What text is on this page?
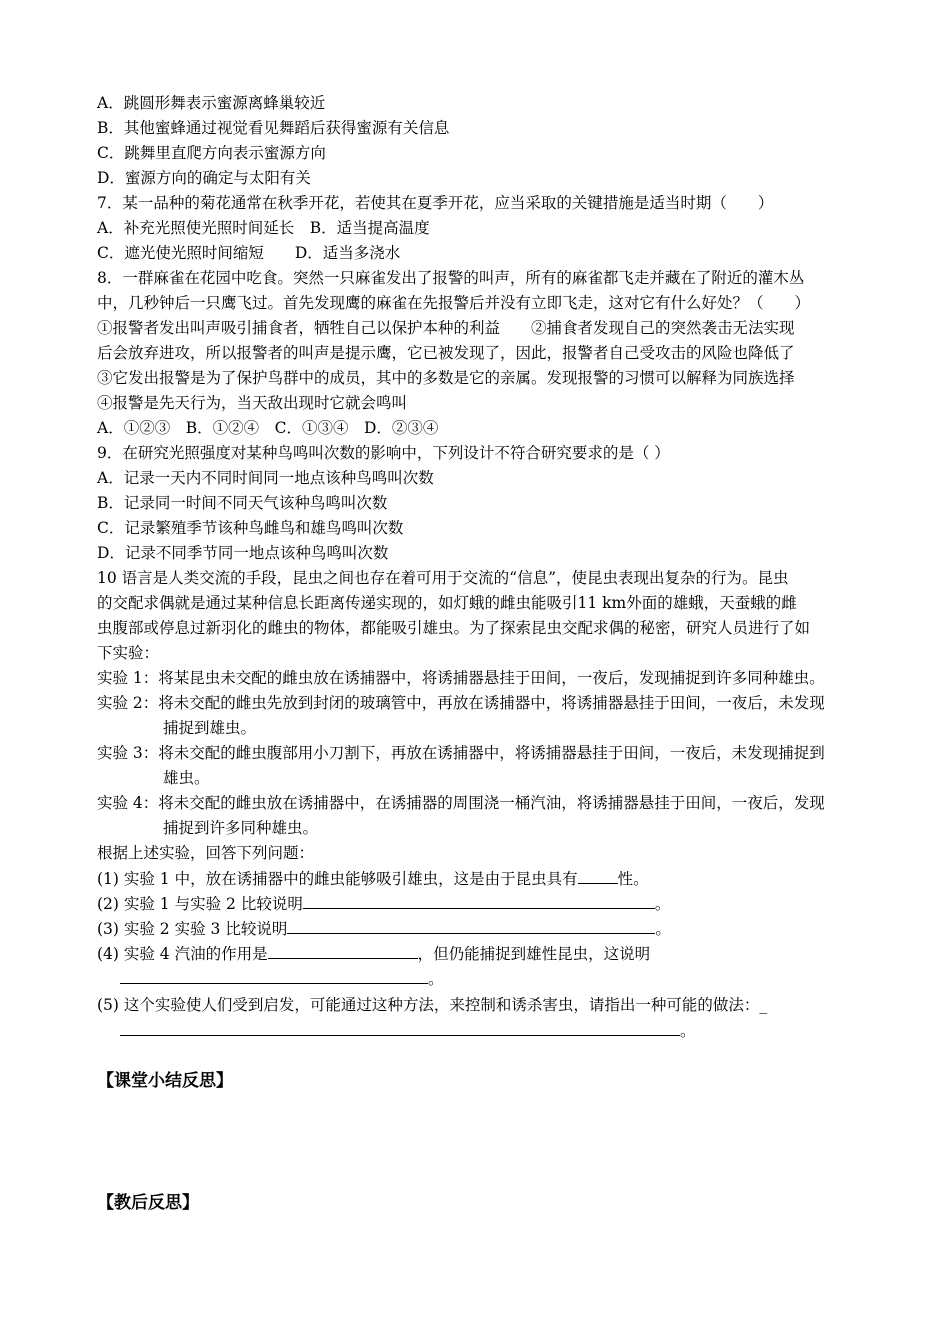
A．跳圆形舞表示蜜源离蜂巢较近
B．其他蜜蜂通过视觉看见舞蹈后获得蜜源有关信息
C．跳舞里直爬方向表示蜜源方向
D．蜜源方向的确定与太阳有关
7．某一品种的菊花通常在秋季开花，若使其在夏季开花，应当采取的关键措施是适当时期（　　）
A．补充光照使光照时间延长　B．适当提高温度
C．遮光使光照时间缩短　　D．适当多浇水
8．一群麻雀在花园中吃食。突然一只麻雀发出了报警的叫声，所有的麻雀都飞走并藏在了附近的灌木丛
中，几秒钟后一只鹰飞过。首先发现鹰的麻雀在先报警后并没有立即飞走，这对它有什么好处？（　　）
①报警者发出叫声吸引捕食者，牺牲自己以保护本种的利益　　②捕食者发现自己的突然袭击无法实现
后会放弃进攻，所以报警者的叫声是提示鹰，它已被发现了，因此，报警者自己受攻击的风险也降低了
③它发出报警是为了保护鸟群中的成员，其中的多数是它的亲属。发现报警的习惯可以解释为同族选择
④报警是先天行为，当天敌出现时它就会鸣叫
A．①②③　B．①②④　C．①③④　D．②③④
9．在研究光照强度对某种鸟鸣叫次数的影响中，下列设计不符合研究要求的是（ ）
A．记录一天内不同时间同一地点该种鸟鸣叫次数
B．记录同一时间不同天气该种鸟鸣叫次数
C．记录繁殖季节该种鸟雌鸟和雄鸟鸣叫次数
D．记录不同季节同一地点该种鸟鸣叫次数
10 语言是人类交流的手段，昆虫之间也存在着可用于交流的“信息”，使昆虫表现出复杂的行为。昆虫
的交配求偶就是通过某种信息长距离传递实现的，如灯蛾的雌虫能吸引11 km外面的雄蛾，天蚕蛾的雌
虫腹部或停息过新羽化的雌虫的物体，都能吸引雄虫。为了探索昆虫交配求偶的秘密，研究人员进行了如
下实验：
实验 1：将某昆虫未交配的雌虫放在诱捕器中，将诱捕器悬挂于田间，一夜后，发现捕捉到许多同种雄虫。
实验 2：将未交配的雌虫先放到封闭的玻璃管中，再放在诱捕器中，将诱捕器悬挂于田间，一夜后，未发现
捕捉到雄虫。
实验 3：将未交配的雌虫腹部用小刀割下，再放在诱捕器中，将诱捕器悬挂于田间，一夜后，未发现捕捉到
雄虫。
实验 4：将未交配的雌虫放在诱捕器中，在诱捕器的周围浇一桶汽油，将诱捕器悬挂于田间，一夜后，发现
捕捉到许多同种雄虫。
根据上述实验，回答下列问题：
(1) 实验 1 中，放在诱捕器中的雌虫能够吸引雄虫，这是由于昆虫具有	性。
(2) 实验 1 与实验 2 比较说明	。
(3) 实验 2 实验 3 比较说明	。
(4) 实验 4 汽油的作用是	，但仍能捕捉到雄性昆虫，这说明
。
(5) 这个实验使人们受到启发，可能通过这种方法，来控制和诱杀害虫，请指出一种可能的做法：_
。
【课堂小结反思】
【教后反思】
